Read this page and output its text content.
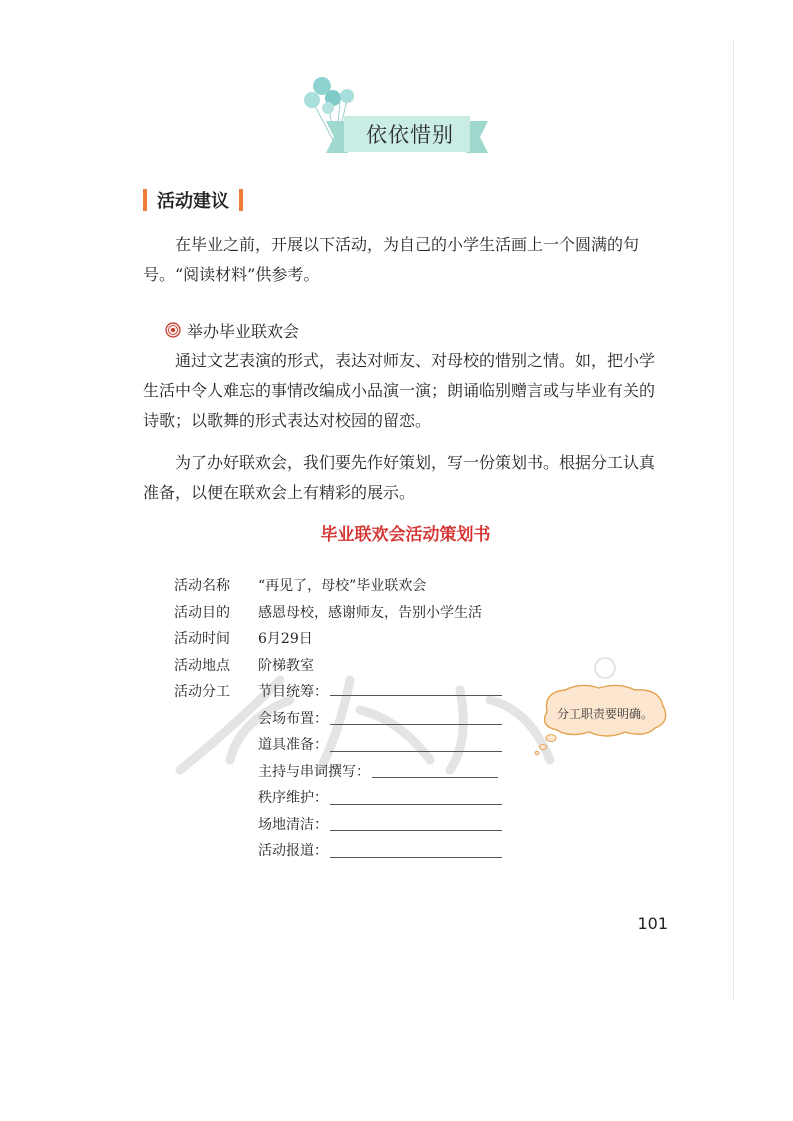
依依惜别
活动建议

在毕业之前，开展以下活动，为自己的小学生活画上一个圆满的句号。“阅读材料”供参考。

举办毕业联欢会

通过文艺表演的形式，表达对师友、对母校的惜别之情。如，把小学生活中令人难忘的事情改编成小品演一演；朗诵临别赠言或与毕业有关的诗歌；以歌舞的形式表达对校园的留恋。

为了办好联欢会，我们要先作好策划，写一份策划书。根据分工认真准备，以便在联欢会上有精彩的展示。

毕业联欢会活动策划书
活动名称	“再见了，母校”毕业联欢会
活动目的	感恩母校，感谢师友，告别小学生活
活动时间	6月29日
活动地点	阶梯教室
活动分工	节目统筹：
会场布置：
道具准备：
主持与串词撰写：
秩序维护：
场地清洁：
活动报道：
分工职责要明确。
101
